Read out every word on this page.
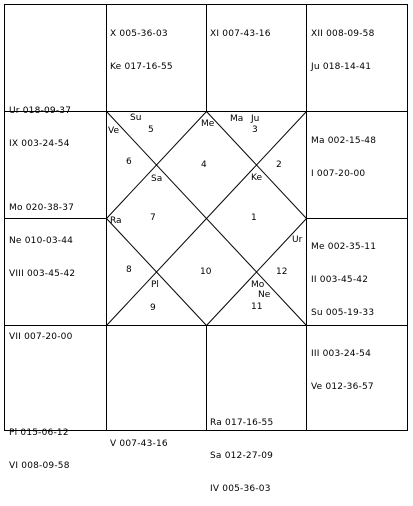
Ur 018-09-37

IX 003-24-54

X 005-36-03

Ke 017-16-55

XI 007-43-16

	XII 008-09-58

Ju 018-14-41

Mo 020-38-37

Ne 010-03-44

VIII 003-45-42

Ma 002-15-48

I 007-20-00

VII 007-20-00

Me 002-35-11

II 003-45-42

Su 005-19-33

Pl 015-06-12

VI 008-09-58

V 007-43-16

Ra 017-16-55

Sa 012-27-09

IV 005-36-03

III 003-24-54

Ve 012-36-57

1
2
3
4
5
6
7
8
9
10
11
12
Su
Ve
Me Ma Ju
Sa	Ke
Ra
Ur
Pl	Mo
Ne
